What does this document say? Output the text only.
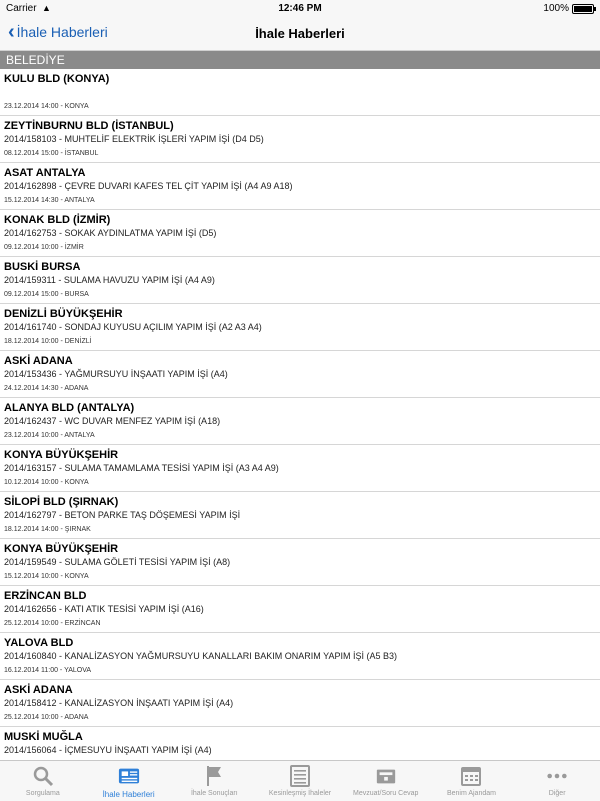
Carrier ▲	12:46 PM	100%
‹ İhale Haberleri	İhale Haberleri
BELEDİYE
KULU BLD (KONYA)
23.12.2014 14:00 - KONYA
ZEYTİNBURNU BLD (İSTANBUL)
2014/158103 - MUHTELİF ELEKTRİK İŞLERİ YAPIM İŞİ (D4 D5)
08.12.2014 15:00 - İSTANBUL
ASAT ANTALYA
2014/162898 - ÇEVRE DUVARI KAFES TEL ÇİT YAPIM İŞİ (A4 A9 A18)
15.12.2014 14:30 - ANTALYA
KONAK BLD (İZMİR)
2014/162753 - SOKAK AYDINLATMA YAPIM İŞİ (D5)
09.12.2014 10:00 - İZMİR
BUSKİ BURSA
2014/159311 - SULAMA HAVUZU YAPIM İŞİ (A4 A9)
09.12.2014 15:00 - BURSA
DENİZLİ BÜYÜKŞEHİR
2014/161740 - SONDAJ KUYUSU AÇILIM YAPIM İŞİ (A2 A3 A4)
18.12.2014 10:00 - DENİZLİ
ASKİ ADANA
2014/153436 - YAĞMURSUYU İNŞAATI YAPIM İŞİ (A4)
24.12.2014 14:30 - ADANA
ALANYA BLD (ANTALYA)
2014/162437 - WC DUVAR MENFEZ YAPIM İŞİ (A18)
23.12.2014 10:00 - ANTALYA
KONYA BÜYÜKŞEHİR
2014/163157 - SULAMA TAMAMLAMA TESİSİ YAPIM İŞİ (A3 A4 A9)
10.12.2014 10:00 - KONYA
SİLOPİ BLD (ŞIRNAK)
2014/162797 - BETON PARKE TAŞ DÖŞEMESİ YAPIM İŞİ
18.12.2014 14:00 - ŞIRNAK
KONYA BÜYÜKŞEHİR
2014/159549 - SULAMA GÖLETİ TESİSİ YAPIM İŞİ (A8)
15.12.2014 10:00 - KONYA
ERZİNCAN BLD
2014/162656 - KATI ATIK TESİSİ YAPIM İŞİ (A16)
25.12.2014 10:00 - ERZİNCAN
YALOVA BLD
2014/160840 - KANALİZASYON YAĞMURSUYU KANALLARI BAKIM ONARIM YAPIM İŞİ (A5 B3)
16.12.2014 11:00 - YALOVA
ASKİ ADANA
2014/158412 - KANALİZASYON İNŞAATI YAPIM İŞİ (A4)
25.12.2014 10:00 - ADANA
MUSKİ MUĞLA
2014/156064 - İÇMESUYU İNŞAATI YAPIM İŞİ (A4)
Sorgulama	İhale Haberleri	İhale Sonuçları	Kesinleşmiş İhaleler	Mevzuat/Soru Cevap	Benim Ajandam	Diğer
